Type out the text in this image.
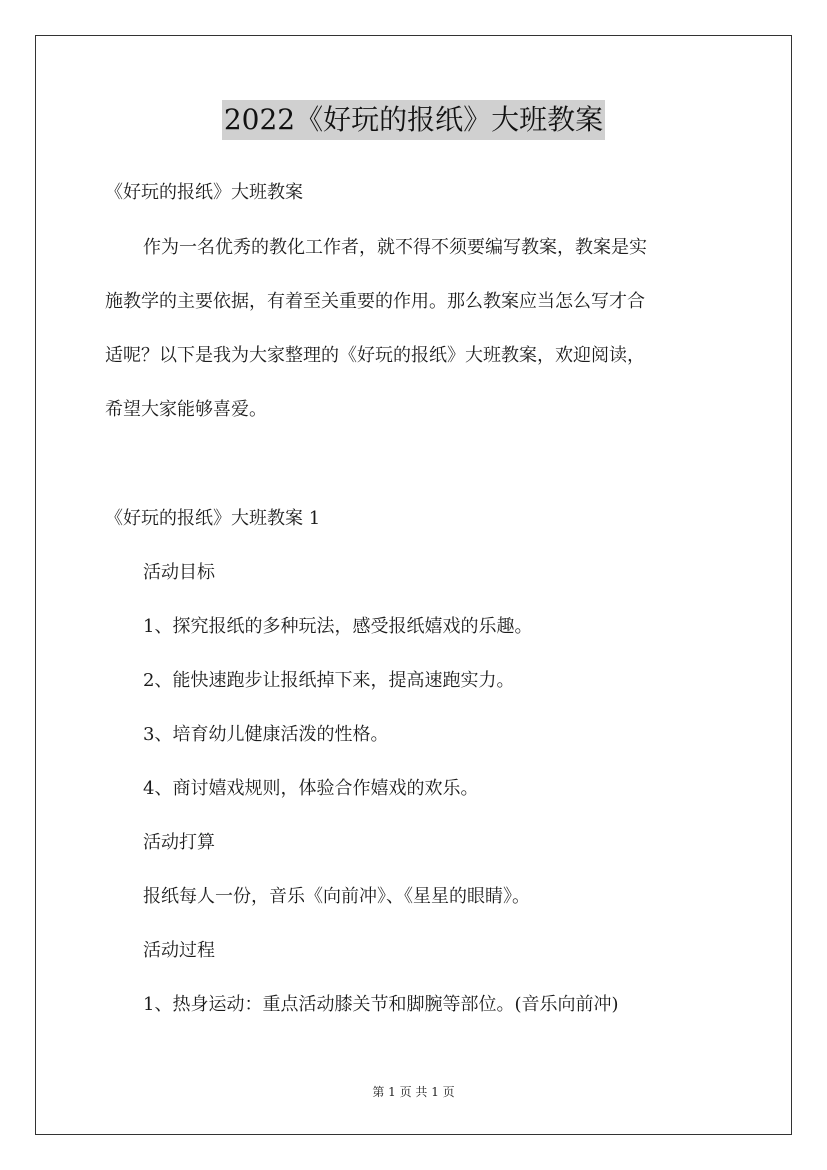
2022《好玩的报纸》大班教案
《好玩的报纸》大班教案
作为一名优秀的教化工作者，就不得不须要编写教案，教案是实
施教学的主要依据，有着至关重要的作用。那么教案应当怎么写才合
适呢？以下是我为大家整理的《好玩的报纸》大班教案，欢迎阅读，
希望大家能够喜爱。
《好玩的报纸》大班教案 1
活动目标
1、探究报纸的多种玩法，感受报纸嬉戏的乐趣。
2、能快速跑步让报纸掉下来，提高速跑实力。
3、培育幼儿健康活泼的性格。
4、商讨嬉戏规则，体验合作嬉戏的欢乐。
活动打算
报纸每人一份，音乐《向前冲》、《星星的眼睛》。
活动过程
1、热身运动：重点活动膝关节和脚腕等部位。(音乐向前冲)
第 1 页 共 1 页
